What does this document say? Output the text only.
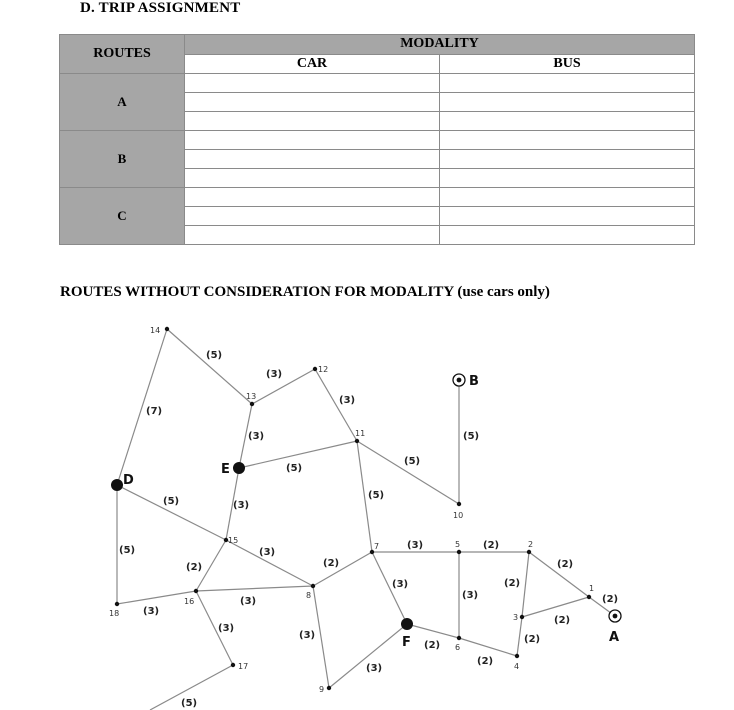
D. TRIP ASSIGNMENT
ROUTES	MODALITY	
	CAR	BUS
A		

B		

C		

ROUTES WITHOUT CONSIDERATION FOR MODALITY (use cars only)
14
13
12
11
10
15
7	5	2
1
3
8
16
18
6
4
17
9
D
E
F
B
A
(5)
(3)
(3)
(7)
(3)
(5)
(5)
(5)
(5)	(3)
(5)
(5)
(2)
(3)
(2)
(3)	(2)
(2)
(2)
(3)
(3)
(3)
(3)
(3)
(2)
(2)
(3)
(2)
(2)
(2)
(3)
(5)
